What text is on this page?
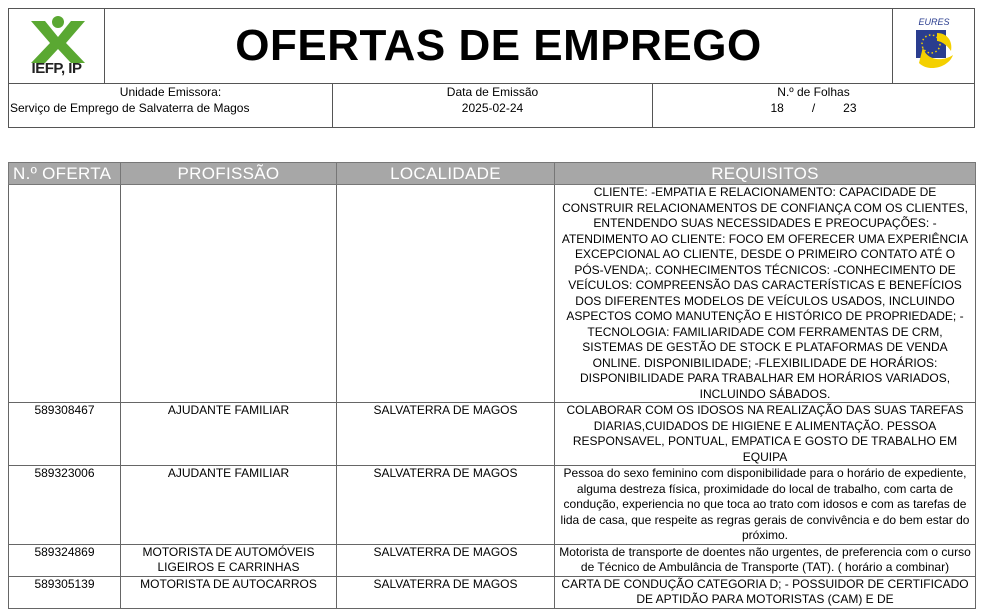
IEFP, IP	OFERTAS DE EMPREGO	EURES
Unidade Emissora:
Serviço de Emprego de Salvaterra de Magos
Data de Emissão
2025-02-24
N.º de Folhas
18 / 23
N.º OFERTA	PROFISSÃO	LOCALIDADE	REQUISITOS
			CLIENTE: -EMPATIA E RELACIONAMENTO: CAPACIDADE DE CONSTRUIR RELACIONAMENTOS DE CONFIANÇA COM OS CLIENTES, ENTENDENDO SUAS NECESSIDADES E PREOCUPAÇÕES: -ATENDIMENTO AO CLIENTE: FOCO EM OFERECER UMA EXPERIÊNCIA EXCEPCIONAL AO CLIENTE, DESDE O PRIMEIRO CONTATO ATÉ O PÓS-VENDA;. CONHECIMENTOS TÉCNICOS: -CONHECIMENTO DE VEÍCULOS: COMPREENSÃO DAS CARACTERÍSTICAS E BENEFÍCIOS DOS DIFERENTES MODELOS DE VEÍCULOS USADOS, INCLUINDO ASPECTOS COMO MANUTENÇÃO E HISTÓRICO DE PROPRIEDADE; -TECNOLOGIA: FAMILIARIDADE COM FERRAMENTAS DE CRM, SISTEMAS DE GESTÃO DE STOCK E PLATAFORMAS DE VENDA ONLINE. DISPONIBILIDADE; -FLEXIBILIDADE DE HORÁRIOS: DISPONIBILIDADE PARA TRABALHAR EM HORÁRIOS VARIADOS, INCLUINDO SÁBADOS.
589308467	AJUDANTE FAMILIAR	SALVATERRA DE MAGOS	COLABORAR COM OS IDOSOS NA REALIZAÇÃO DAS SUAS TAREFAS DIARIAS,CUIDADOS DE HIGIENE E ALIMENTAÇÃO. PESSOA RESPONSAVEL, PONTUAL, EMPATICA E GOSTO DE TRABALHO EM EQUIPA
589323006	AJUDANTE FAMILIAR	SALVATERRA DE MAGOS	Pessoa do sexo feminino com disponibilidade para o horário de expediente, alguma destreza física, proximidade do local de trabalho, com carta de condução, experiencia no que toca ao trato com idosos e com as tarefas de lida de casa, que respeite as regras gerais de convivência e do bem estar do próximo.
589324869	MOTORISTA DE AUTOMÓVEIS LIGEIROS E CARRINHAS	SALVATERRA DE MAGOS	Motorista de transporte de doentes não urgentes, de preferencia com o curso de Técnico de Ambulância de Transporte (TAT). ( horário a combinar)
589305139	MOTORISTA DE AUTOCARROS	SALVATERRA DE MAGOS	CARTA DE CONDUÇÃO CATEGORIA D; - POSSUIDOR DE CERTIFICADO DE APTIDÃO PARA MOTORISTAS (CAM) E DE
